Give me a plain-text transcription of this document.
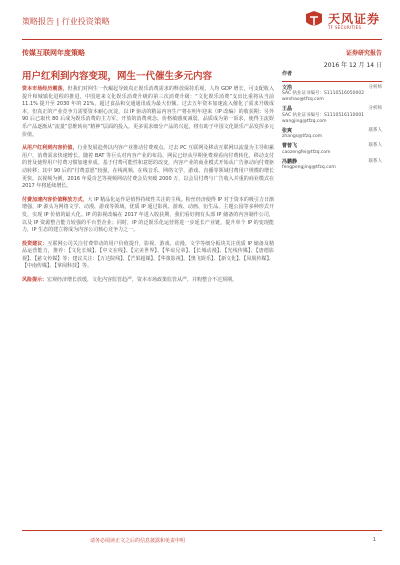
策略报告 | 行业投资策略	天风证券
TF SECURITIES
传媒互联网年度策略	证券研究报告
2016 年 12 月 14 日
用户红利到内容变现，网生一代催生多元内容

资本市场经历震荡，但我们对网生一代崛起导致真正娱乐消费需求的释放保持乐观。人均 GDP 增长，可支配收入提升和城镇化进程的推进，中国迎来文化娱乐消费升级的第三次消费升级：“文化娱乐消费”支出比重将从当前 11.1% 提升至 2030 年的 21%，超过食品和交通通讯成为最大份额。过去五年资本加速流入催化了需求升级成本，但真正的产业竞争力需要资本耐心沉淀，以 IP 驱动的精品内容生产将在明年迎来（IP 改编）的收获期；另外 90 后已取代 80 后成为娱乐消费的主力军，开放的消费观念、价格敏感度减弱，品质成为第一诉求，使得主流娱乐产品逐渐从“流量”思维转向“精神”层面的投入。更多需求细分产品的兴起，将有助于中国文化娱乐产品发挥多元价值。

从用户红利到内容价值，行业发展趋势以内容产业推动付费观点。过去 PC 互联网及移动互联网以流量为主导积累用户，消费需求快速增长。随着 BAT 等巨头对内容产业的布局，网民已经从早期免费观看向付费转化，移动支付的普及使得用户付费习惯加速养成。基于付费可能性和意愿的改变，内容产业的商业模式开始从广告驱动向付费驱动转移；其中 90 后的“付费意愿”较强，在线视频、在线音乐、网络文学、游戏、直播等领域付费用户规模的增长更快。以视频为例，2016 年爱奇艺等视频网站付费会员突破 2000 万，以会员付费与广告收入并重的商业模式在 2017 年将延续增长。

付费加速内容价值释放方式，大 IP 精品化运作是值得持续性关注的主线。粉丝经济使得 IP 对于资本的吸引力日渐增强，IP 源头为网络文学、动漫、游戏等领域，优质 IP 通过影视、游戏、动画、衍生品、主题公园等多种形式开发，实现 IP 价值的最大化。IP 的影视改编在 2017 年进入收获期，我们看好拥有头部 IP 储备的内容制作公司，以及 IP 资源整合能力较强的平台型企业；同时，IP 的泛娱乐化运营将进一步延长产业链，提升单个 IP 的变现能力，IP 生态的建立将成为内容公司核心竞争力之一。

投资建议：互联网公司关注付费带动的用户价值提升，影视、游戏、动漫、文学等细分板块关注优质 IP 储备及精品运营能力，推荐：【文化长城】、【中文在线】、【完美世界】、【华谊兄弟】、【长城动漫】、【光线传媒】、【唐德影视】、【慈文传媒】等；建议关注：【万达院线】、【芒果超媒】、【华策影视】、【奥飞娱乐】、【新文化】、【凤凰传媒】、【中南传媒】、【掌阅科技】等。

风险提示：宏观经济增长放缓，文化内容监管趋严，资本市场政策监管从严，并购整合不达预期。

作者
文浩	分析师
SAC 执业证书编号：S1110516050002
wenhao@tfzq.com
王晶	分析师
SAC 执业证书编号：S1110516110001
wangjing@tfzq.com
张爽	联系人
zhangs@tfzq.com
曹曾飞	联系人
caozengfei@tfzq.com
冯鹏静	联系人
fengpengjing@tfzq.com
请务必阅读正文之后的信息披露和免责申明	1
